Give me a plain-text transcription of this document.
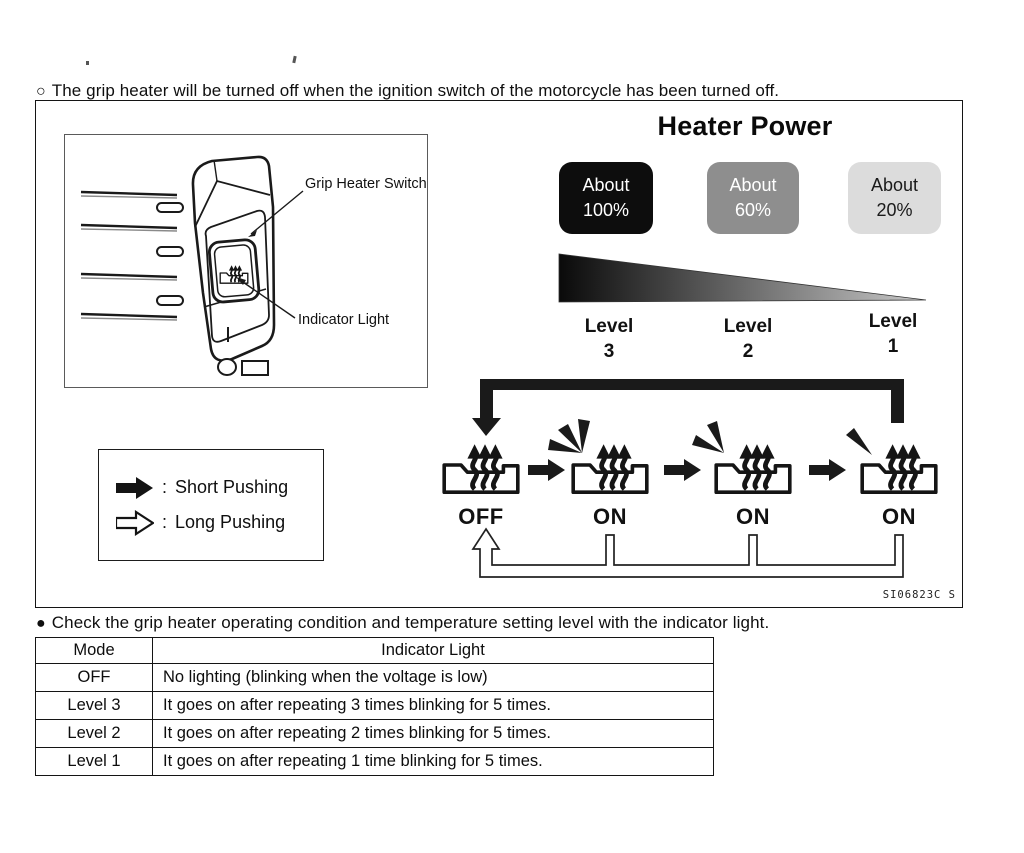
○ The grip heater will be turned off when the ignition switch of the motorcycle has been turned off.
Grip Heater Switch
Indicator Light
Heater Power
About
100%
About
60%
About
20%
Level
3
Level
2
Level
1
OFF	ON	ON	ON
SI06823C S
: Short Pushing
: Long Pushing
● Check the grip heater operating condition and temperature setting level with the indicator light.
Mode	Indicator Light
OFF	No lighting (blinking when the voltage is low)
Level 3	It goes on after repeating 3 times blinking for 5 times.
Level 2	It goes on after repeating 2 times blinking for 5 times.
Level 1	It goes on after repeating 1 time blinking for 5 times.
